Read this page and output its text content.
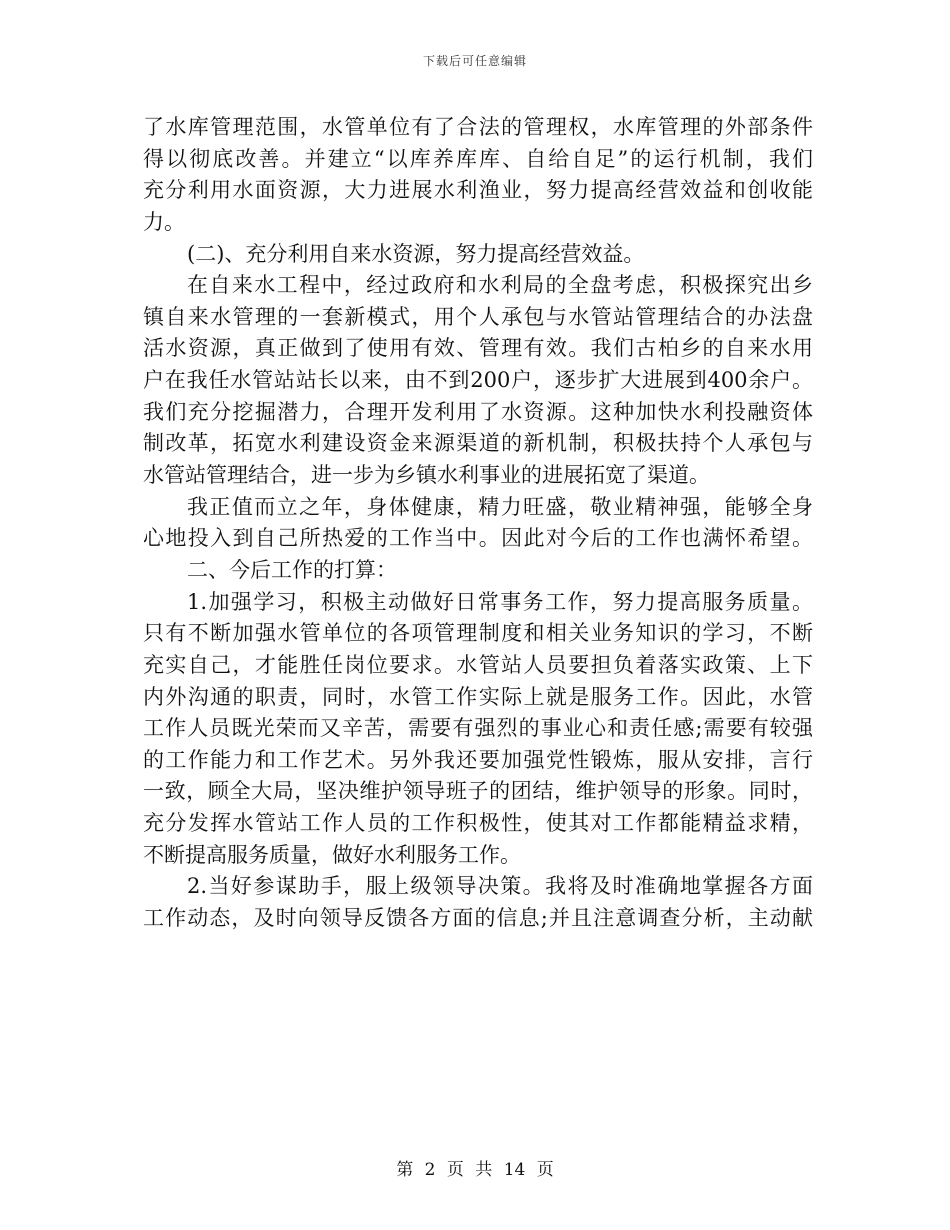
下载后可任意编辑
了水库管理范围，水管单位有了合法的管理权，水库管理的外部条件
得以彻底改善。并建立“以库养库库、自给自足”的运行机制，我们
充分利用水面资源，大力进展水利渔业，努力提高经营效益和创收能
力。
(二)、充分利用自来水资源，努力提高经营效益。
在自来水工程中，经过政府和水利局的全盘考虑，积极探究出乡
镇自来水管理的一套新模式，用个人承包与水管站管理结合的办法盘
活水资源，真正做到了使用有效、管理有效。我们古柏乡的自来水用
户在我任水管站站长以来，由不到200户，逐步扩大进展到400余户。
我们充分挖掘潜力，合理开发利用了水资源。这种加快水利投融资体
制改革，拓宽水利建设资金来源渠道的新机制，积极扶持个人承包与
水管站管理结合，进一步为乡镇水利事业的进展拓宽了渠道。
我正值而立之年，身体健康，精力旺盛，敬业精神强，能够全身
心地投入到自己所热爱的工作当中。因此对今后的工作也满怀希望。
二、今后工作的打算：
1.加强学习，积极主动做好日常事务工作，努力提高服务质量。
只有不断加强水管单位的各项管理制度和相关业务知识的学习，不断
充实自己，才能胜任岗位要求。水管站人员要担负着落实政策、上下
内外沟通的职责，同时，水管工作实际上就是服务工作。因此，水管
工作人员既光荣而又辛苦，需要有强烈的事业心和责任感;需要有较强
的工作能力和工作艺术。另外我还要加强党性锻炼，服从安排，言行
一致，顾全大局，坚决维护领导班子的团结，维护领导的形象。同时，
充分发挥水管站工作人员的工作积极性，使其对工作都能精益求精，
不断提高服务质量，做好水利服务工作。
2.当好参谋助手，服上级领导决策。我将及时准确地掌握各方面
工作动态，及时向领导反馈各方面的信息;并且注意调查分析，主动献
第 2 页 共 14 页
